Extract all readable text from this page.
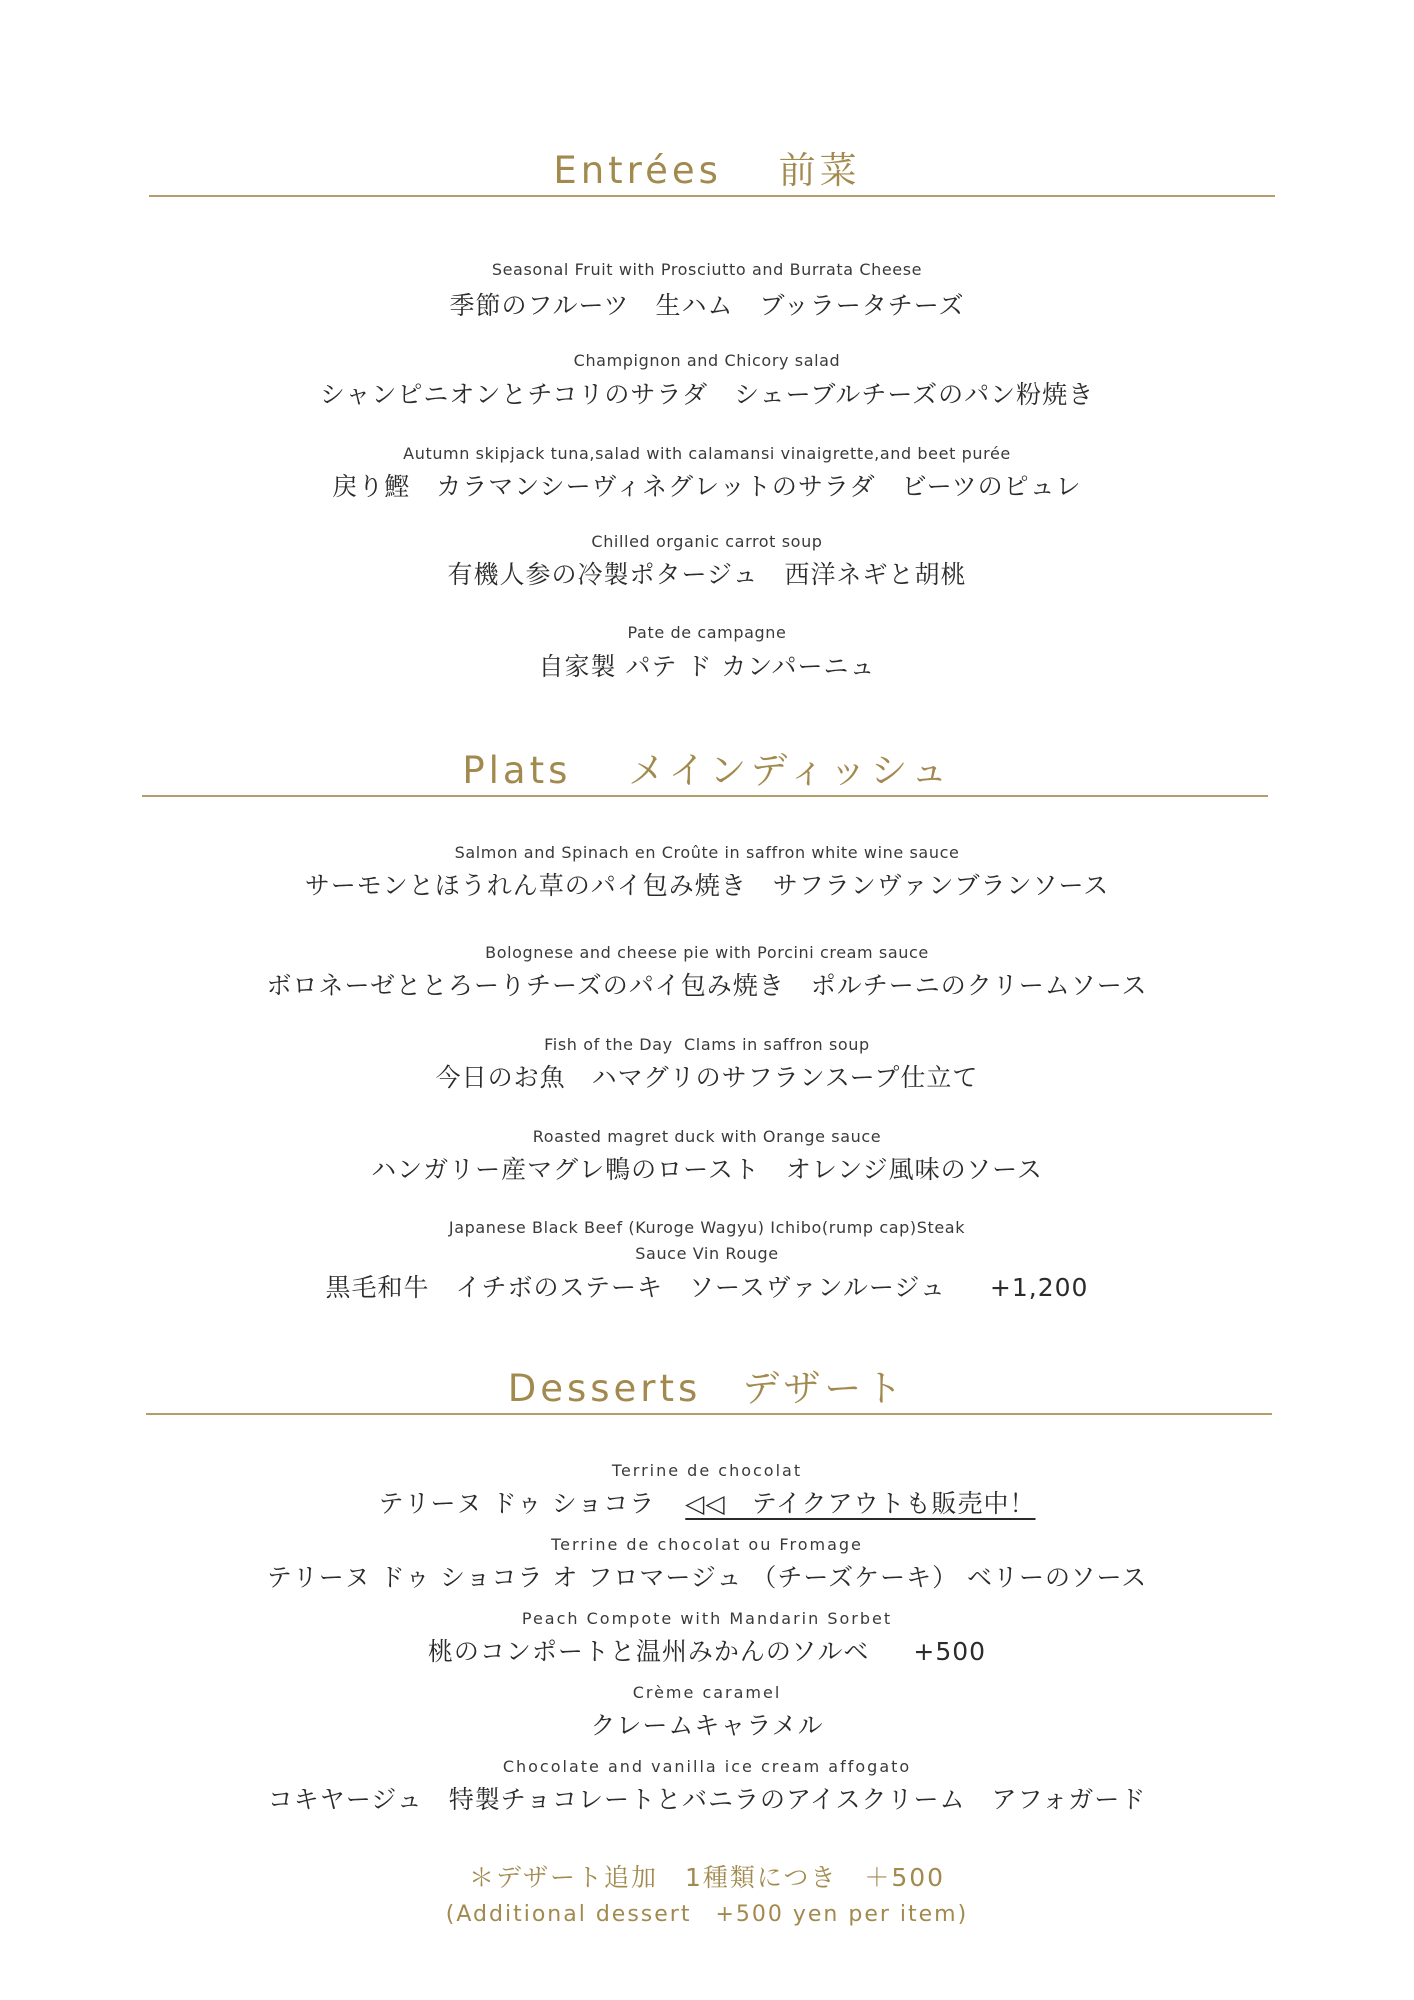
Entrées　 前菜
Seasonal Fruit with Prosciutto and Burrata Cheese
季節のフルーツ　生ハム　ブッラータチーズ
Champignon and Chicory salad
シャンピニオンとチコリのサラダ　シェーブルチーズのパン粉焼き
Autumn skipjack tuna,salad with calamansi vinaigrette,and beet purée
戻り鰹　カラマンシーヴィネグレットのサラダ　ビーツのピュレ
Chilled organic carrot soup
有機人参の冷製ポタージュ　西洋ネギと胡桃
Pate de campagne
自家製 パテ ド カンパーニュ
Plats　 メインディッシュ
Salmon and Spinach en Croûte in saffron white wine sauce
サーモンとほうれん草のパイ包み焼き　サフランヴァンブランソース
Bolognese and cheese pie with Porcini cream sauce
ボロネーゼととろーりチーズのパイ包み焼き　ポルチーニのクリームソース
Fish of the Day  Clams in saffron soup
今日のお魚　ハマグリのサフランスープ仕立て
Roasted magret duck with Orange sauce
ハンガリー産マグレ鴨のロースト　オレンジ風味のソース
Japanese Black Beef (Kuroge Wagyu) Ichibo(rump cap)Steak
Sauce Vin Rouge
黒毛和牛　イチボのステーキ　ソースヴァンルージュ +1,200
Desserts　デザート
Terrine de chocolat
テリーヌ ドゥ ショコラ ◁◁　テイクアウトも販売中！
Terrine de chocolat ou Fromage
テリーヌ ドゥ ショコラ オ フロマージュ （チーズケーキ） ベリーのソース
Peach Compote with Mandarin Sorbet
桃のコンポートと温州みかんのソルベ +500
Crème caramel
クレームキャラメル
Chocolate and vanilla ice cream affogato
コキヤージュ　特製チョコレートとバニラのアイスクリーム　アフォガード
＊デザート追加　1種類につき　＋500
(Additional dessert　+500 yen per item)
